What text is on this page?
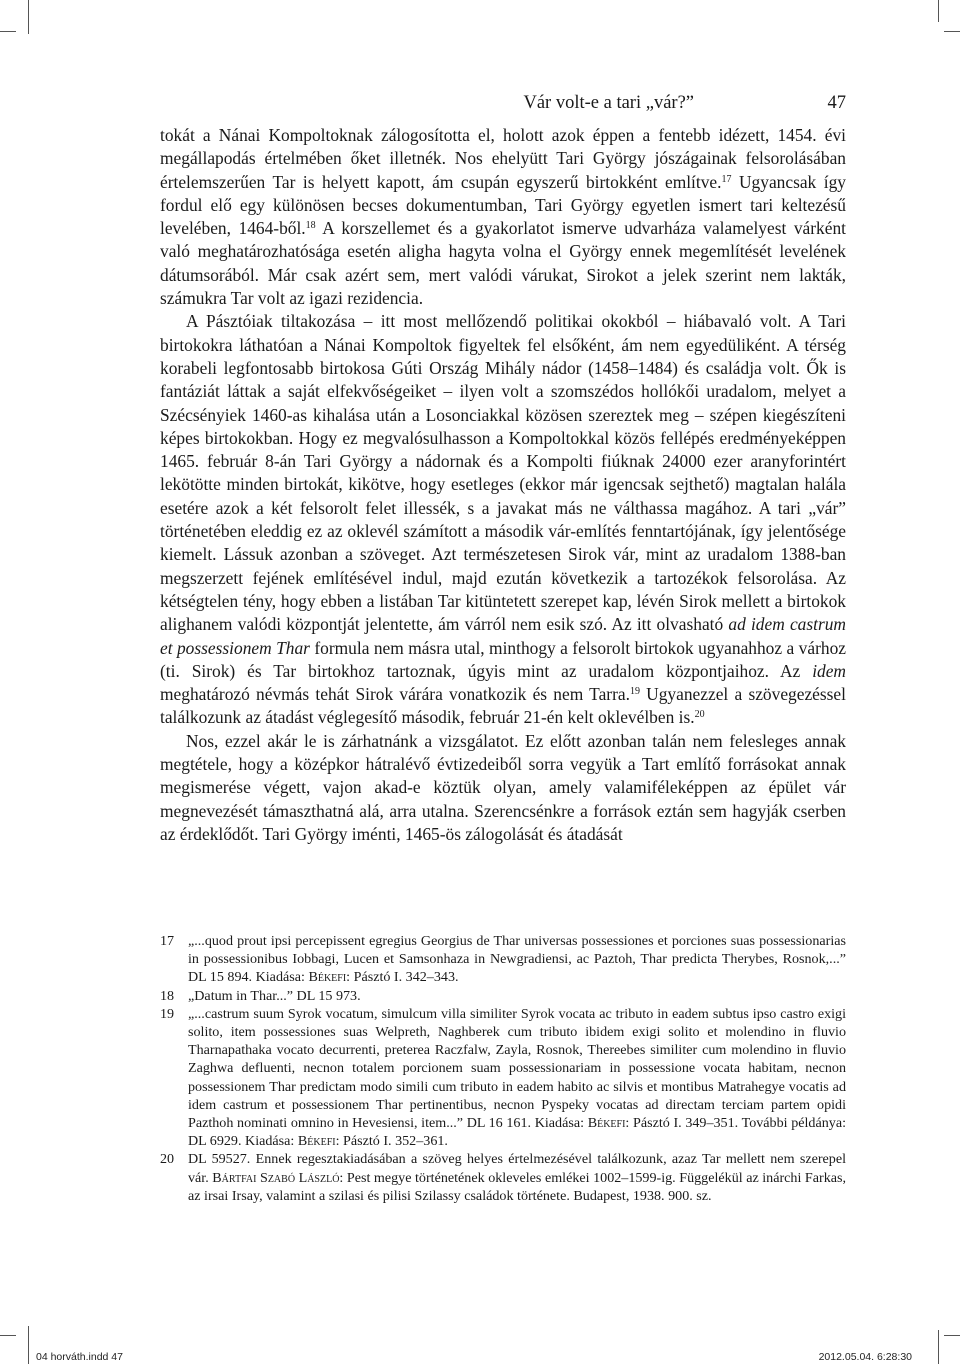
Vár volt-e a tari „vár?”	47

tokát a Nánai Kompoltoknak zálogosította el, holott azok éppen a fentebb idézett, 1454. évi megállapodás értelmében őket illetnék. Nos ehelyütt Tari György jószágainak felsorolásában értelemszerűen Tar is helyett kapott, ám csupán egyszerű birtokként említve.$^{17}$ Ugyancsak így fordul elő egy különösen becses dokumentumban, Tari György egyetlen ismert tari keltezésű levelében, 1464-ből.$^{18}$ A korszellemet és a gyakorlatot ismerve udvarháza valamelyest várként való meghatározhatósága esetén aligha hagyta volna el György ennek megemlítését levelének dátumsorából. Már csak azért sem, mert valódi várukat, Sirokot a jelek szerint nem lakták, számukra Tar volt az igazi rezidencia.

A Pásztóiak tiltakozása – itt most mellőzendő politikai okokból – hiábavaló volt. A Tari birtokokra láthatóan a Nánai Kompoltok figyeltek fel elsőként, ám nem egyedüliként. A térség korabeli legfontosabb birtokosa Gúti Ország Mihály nádor (1458–1484) és családja volt. Ők is fantáziát láttak a saját elfekvőségeiket – ilyen volt a szomszédos hollókői uradalom, melyet a Szécsényiek 1460-as kihalása után a Losonciakkal közösen szereztek meg – szépen kiegészíteni képes birtokokban. Hogy ez megvalósulhasson a Kompoltokkal közös fellépés eredményeképpen 1465. február 8-án Tari György a nádornak és a Kompolti fiúknak 24000 ezer aranyforintért lekötötte minden birtokát, kikötve, hogy esetleges (ekkor már igencsak sejthető) magtalan halála esetére azok a két felsorolt felet illessék, s a javakat más ne válthassa magához. A tari „vár” történetében eleddig ez az oklevél számított a második vár-említés fenntartójának, így jelentősége kiemelt. Lássuk azonban a szöveget. Azt természetesen Sirok vár, mint az uradalom 1388-ban megszerzett fejének említésével indul, majd ezután következik a tartozékok felsorolása. Az kétségtelen tény, hogy ebben a listában Tar kitüntetett szerepet kap, lévén Sirok mellett a birtokok alighanem valódi központját jelentette, ám várról nem esik szó. Az itt olvasható ad idem castrum et possessionem Thar formula nem másra utal, minthogy a felsorolt birtokok ugyanahhoz a várhoz (ti. Sirok) és Tar birtokhoz tartoznak, úgyis mint az uradalom központjaihoz. Az idem meghatározó névmás tehát Sirok várára vonatkozik és nem Tarra.$^{19}$ Ugyanezzel a szövegezéssel találkozunk az átadást véglegesítő második, február 21-én kelt oklevélben is.$^{20}$

Nos, ezzel akár le is zárhatnánk a vizsgálatot. Ez előtt azonban talán nem felesleges annak megtétele, hogy a középkor hátralévő évtizedeiből sorra vegyük a Tart említő forrásokat annak megismerése végett, vajon akad-e köztük olyan, amely valamiféleképpen az épület vár megnevezését támaszthatná alá, arra utalna. Szerencsénkre a források eztán sem hagyják cserben az érdeklődőt. Tari György iménti, 1465-ös zálogolását és átadását

17 „...quod prout ipsi percepissent egregius Georgius de Thar universas possessiones et porciones suas possessionarias in possessionibus Iobbagi, Lucen et Samsonhaza in Newgradiensi, ac Paztoh, Thar predicta Therybes, Rosnok,...” DL 15 894. Kiadása: Békefi: Pásztó I. 342–343.
18 „Datum in Thar...” DL 15 973.
19 „...castrum suum Syrok vocatum, simulcum villa similiter Syrok vocata ac tributo in eadem subtus ipso castro exigi solito, item possessiones suas Welpreth, Naghberek cum tributo ibidem exigi solito et molendino in fluvio Tharnapathaka vocato decurrenti, preterea Raczfalw, Zayla, Rosnok, Thereebes similiter cum molendino in fluvio Zaghwa defluenti, necnon totalem porcionem suam possessionariam in possessione vocata habitam, necnon possessionem Thar predictam modo simili cum tributo in eadem habito ac silvis et montibus Matrahegye vocatis ad idem castrum et possessionem Thar pertinentibus, necnon Pyspeky vocatas ad directam terciam partem opidi Pazthoh nominati omnino in Hevesiensi, item...” DL 16 161. Kiadása: Békefi: Pásztó I. 349–351. További példánya: DL 6929. Kiadása: Békefi: Pásztó I. 352–361.
20 DL 59527. Ennek regesztakiadásában a szöveg helyes értelmezésével találkozunk, azaz Tar mellett nem szerepel vár. Bártfai Szabó László: Pest megye történetének okleveles emlékei 1002–1599-ig. Függelékül az inárchi Farkas, az irsai Irsay, valamint a szilasi és pilisi Szilassy családok története. Budapest, 1938. 900. sz.
04 horváth.indd 47	2012.05.04. 6:28:30
